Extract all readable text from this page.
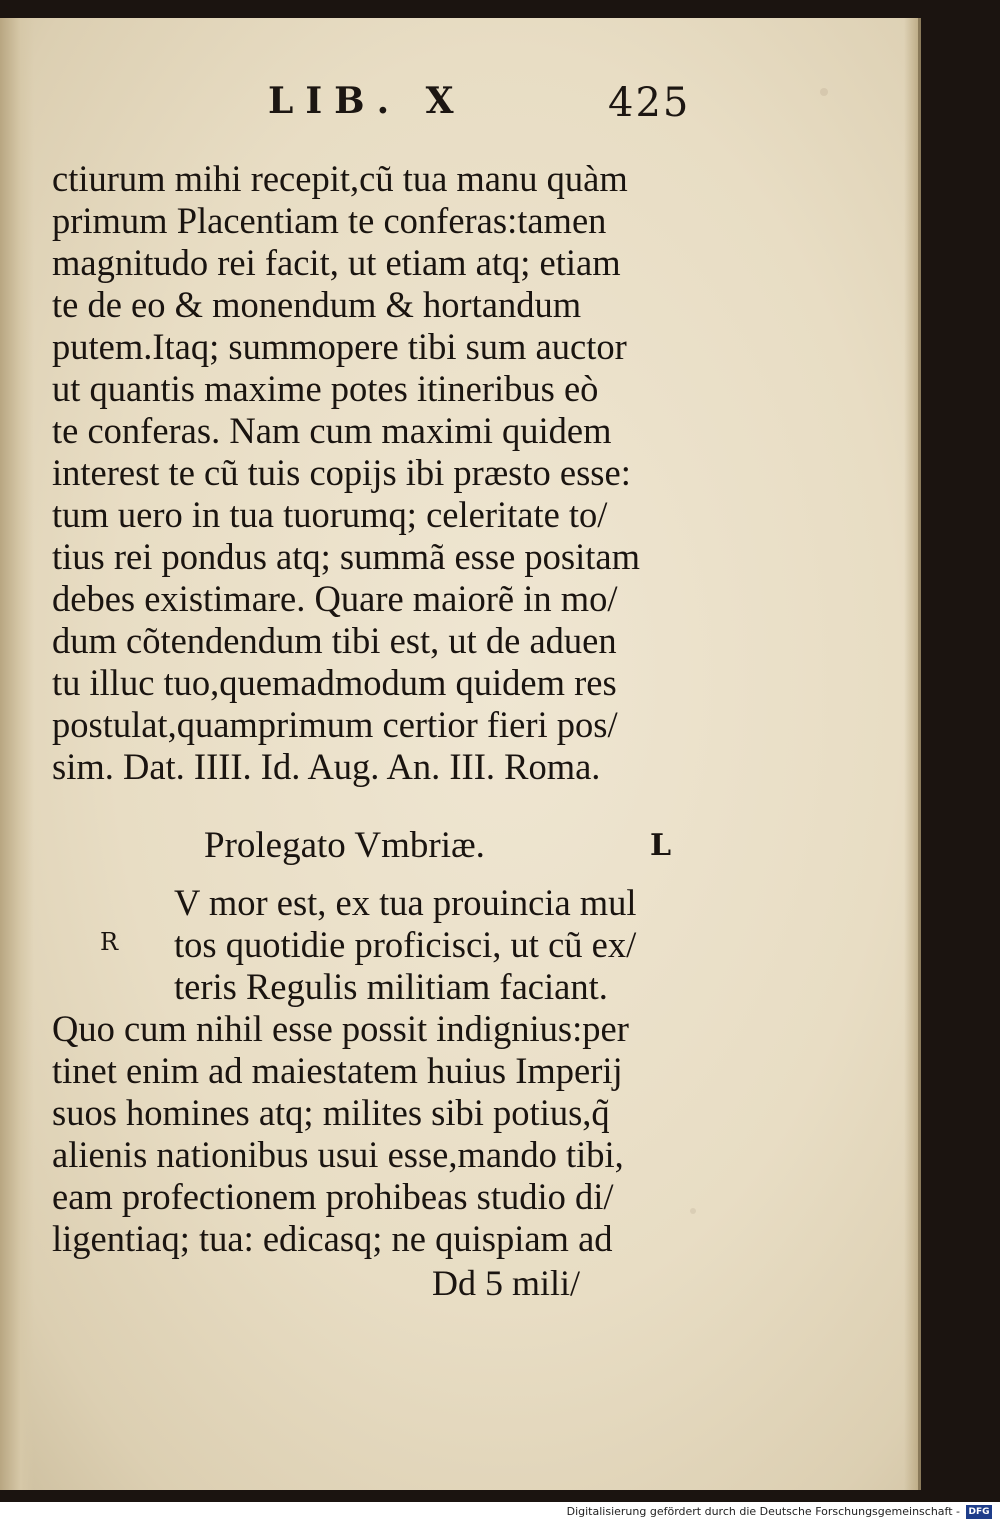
LIB. X	425
ctiurum mihi recepit,cũ tua manu quàm
primum Placentiam te conferas:tamen
magnitudo rei facit, ut etiam atq; etiam
te de eo & monendum & hortandum
putem.Itaq; summopere tibi sum auctor
ut quantis maxime potes itineribus eò
te conferas. Nam cum maximi quidem
interest te cũ tuis copijs ibi præsto esse:
tum uero in tua tuorumq; celeritate to/
tius rei pondus atq; summã esse positam
debes existimare. Quare maiorẽ in mo/
dum cõtendendum tibi est, ut de aduen
tu illuc tuo,quemadmodum quidem res
postulat,quamprimum certior fieri pos/
sim. Dat. IIII. Id. Aug. An. III. Roma.
Prolegato Vmbriæ.	L
R
V mor est, ex tua prouincia mul
tos quotidie proficisci, ut cũ ex/
teris Regulis militiam faciant.
Quo cum nihil esse possit indignius:per
tinet enim ad maiestatem huius Imperij
suos homines atq; milites sibi potius,q̃
alienis nationibus usui esse,mando tibi,
eam profectionem prohibeas studio di/
ligentiaq; tua: edicasq; ne quispiam ad
Dd 5 mili/
Digitalisierung gefördert durch die Deutsche Forschungsgemeinschaft - DFG
